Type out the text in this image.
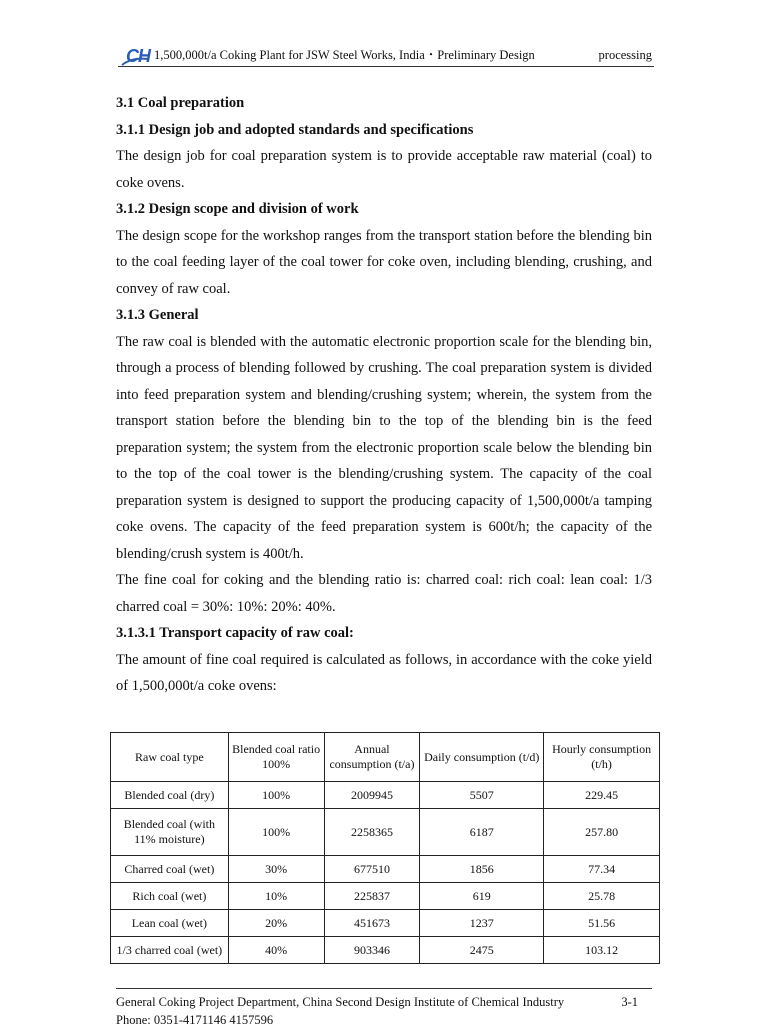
CH 1,500,000t/a Coking Plant for JSW Steel Works, India・Preliminary Design	processing

3.1 Coal preparation

3.1.1 Design job and adopted standards and specifications

The design job for coal preparation system is to provide acceptable raw material (coal) to coke ovens.

3.1.2 Design scope and division of work

The design scope for the workshop ranges from the transport station before the blending bin to the coal feeding layer of the coal tower for coke oven, including blending, crushing, and convey of raw coal.

3.1.3 General

The raw coal is blended with the automatic electronic proportion scale for the blending bin, through a process of blending followed by crushing. The coal preparation system is divided into feed preparation system and blending/crushing system; wherein, the system from the transport station before the blending bin to the top of the blending bin is the feed preparation system; the system from the electronic proportion scale below the blending bin to the top of the coal tower is the blending/crushing system. The capacity of the coal preparation system is designed to support the producing capacity of 1,500,000t/a tamping coke ovens. The capacity of the feed preparation system is 600t/h; the capacity of the blending/crush system is 400t/h.

The fine coal for coking and the blending ratio is: charred coal: rich coal: lean coal: 1/3 charred coal = 30%: 10%: 20%: 40%.

3.1.3.1 Transport capacity of raw coal:

The amount of fine coal required is calculated as follows, in accordance with the coke yield of 1,500,000t/a coke ovens:

Raw coal type	Blended coal ratio 100%	Annual consumption (t/a)	Daily consumption (t/d)	Hourly consumption (t/h)
Blended coal (dry)	100%	2009945	5507	229.45
Blended coal (with 11% moisture)	100%	2258365	6187	257.80
Charred coal (wet)	30%	677510	1856	77.34
Rich coal (wet)	10%	225837	619	25.78
Lean coal (wet)	20%	451673	1237	51.56
1/3 charred coal (wet)	40%	903346	2475	103.12
General Coking Project Department, China Second Design Institute of Chemical Industry	3-1
Phone: 0351-4171146 4157596
